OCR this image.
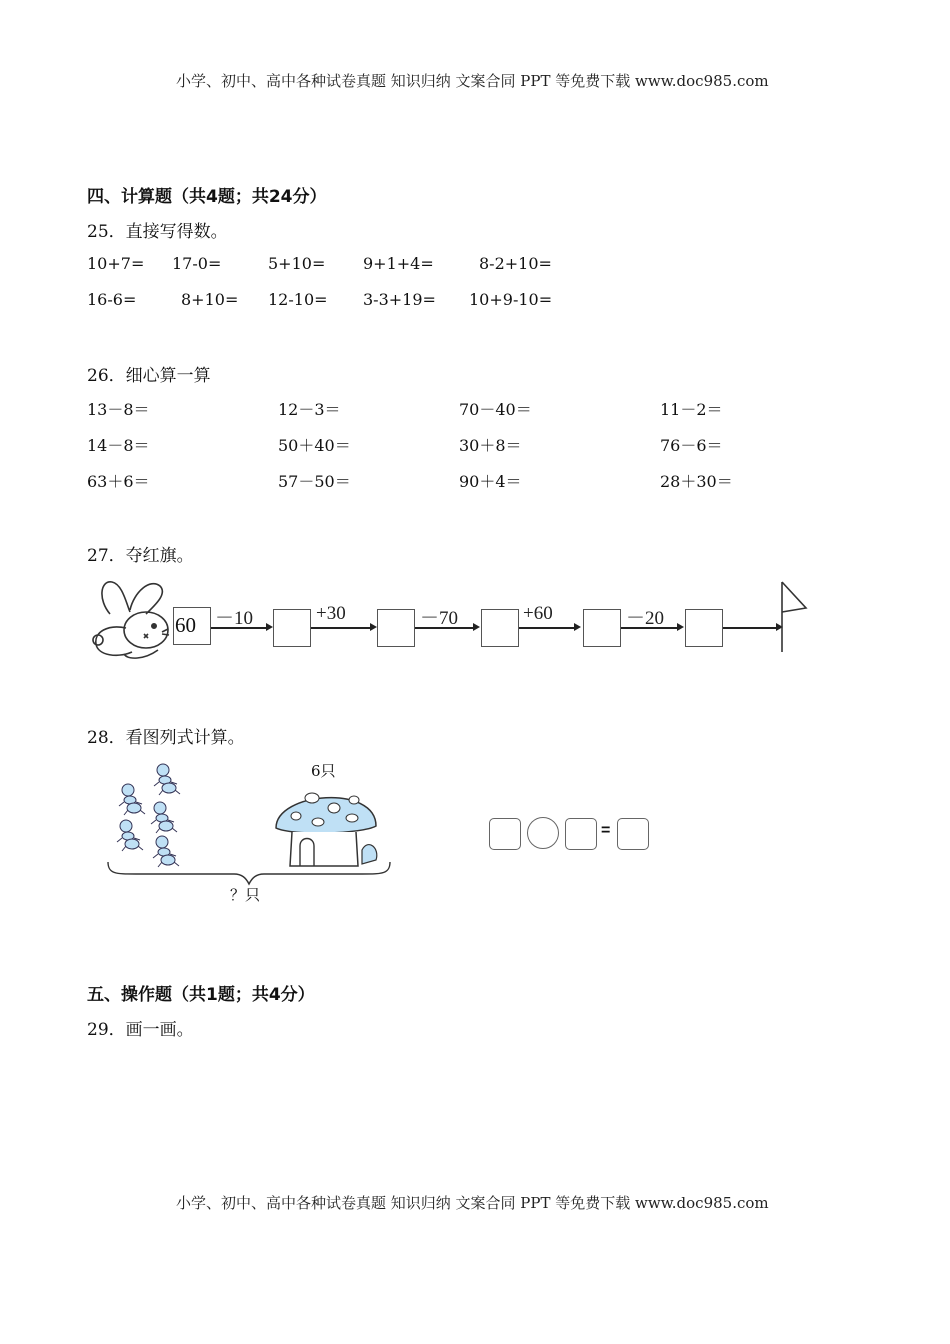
小学、初中、高中各种试卷真题 知识归纳 文案合同 PPT 等免费下载 www.doc985.com
四、计算题（共4题；共24分）
25．直接写得数。
10+7= 17-0=	5+10= 9+1+4=	8-2+10=
16-6=	8+10= 12-10= 3-3+19= 10+9-10=
26．细心算一算
13－8＝	12－3＝	70－40＝	11－2＝
14－8＝	50＋40＝	30＋8＝	76－6＝
63＋6＝	57－50＝	90＋4＝	28＋30＝
27．夺红旗。
60 －10	+30	－70	+60	－20
28．看图列式计算。
6只
？只
=
五、操作题（共1题；共4分）
29．画一画。
小学、初中、高中各种试卷真题 知识归纳 文案合同 PPT 等免费下载 www.doc985.com
